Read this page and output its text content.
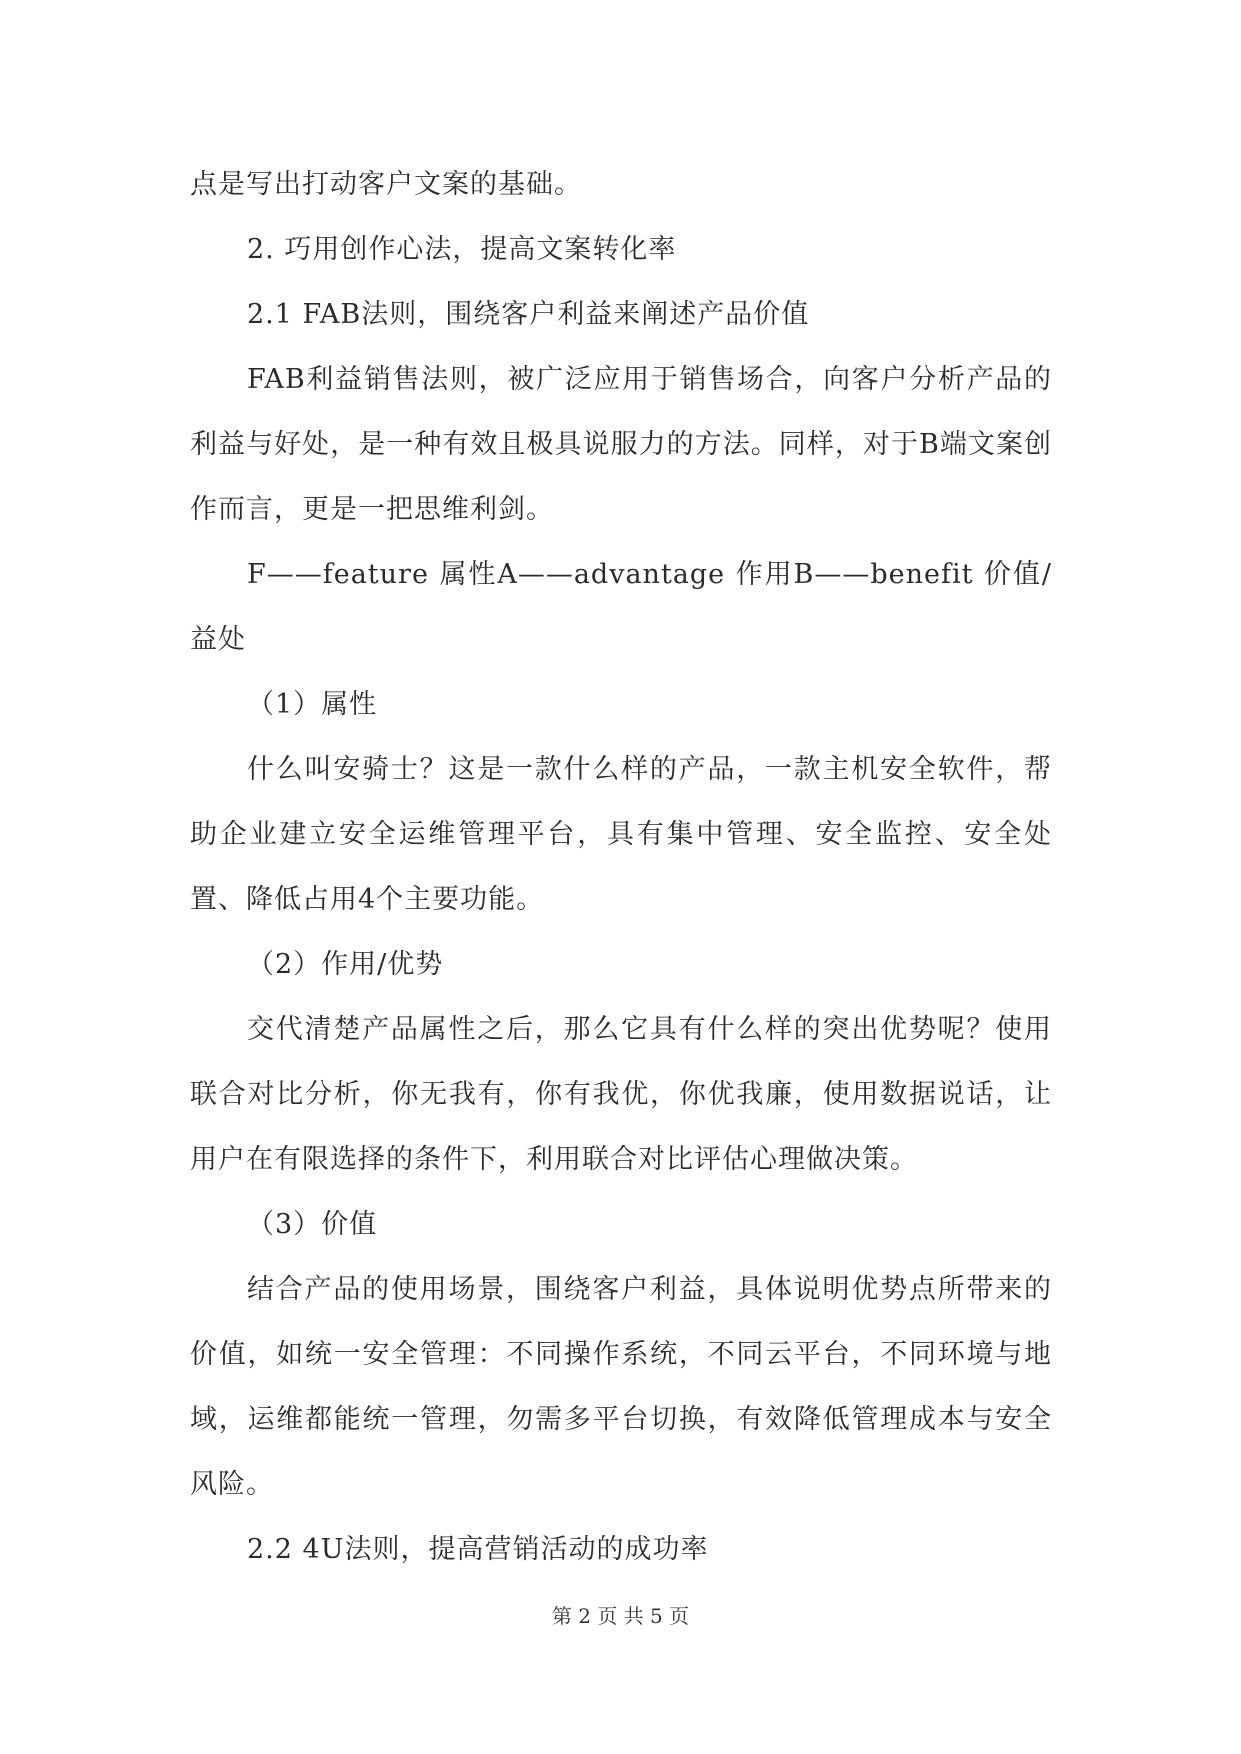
点是写出打动客户文案的基础。

2. 巧用创作心法，提高文案转化率

2.1 FAB法则，围绕客户利益来阐述产品价值

FAB利益销售法则，被广泛应用于销售场合，向客户分析产品的利益与好处，是一种有效且极具说服力的方法。同样，对于B端文案创作而言，更是一把思维利剑。

F——feature 属性A——advantage 作用B——benefit 价值/益处

（1）属性

什么叫安骑士？这是一款什么样的产品，一款主机安全软件，帮助企业建立安全运维管理平台，具有集中管理、安全监控、安全处置、降低占用4个主要功能。

（2）作用/优势

交代清楚产品属性之后，那么它具有什么样的突出优势呢？使用联合对比分析，你无我有，你有我优，你优我廉，使用数据说话，让用户在有限选择的条件下，利用联合对比评估心理做决策。

（3）价值

结合产品的使用场景，围绕客户利益，具体说明优势点所带来的价值，如统一安全管理：不同操作系统，不同云平台，不同环境与地域，运维都能统一管理，勿需多平台切换，有效降低管理成本与安全风险。

2.2 4U法则，提高营销活动的成功率

第 2 页 共 5 页
